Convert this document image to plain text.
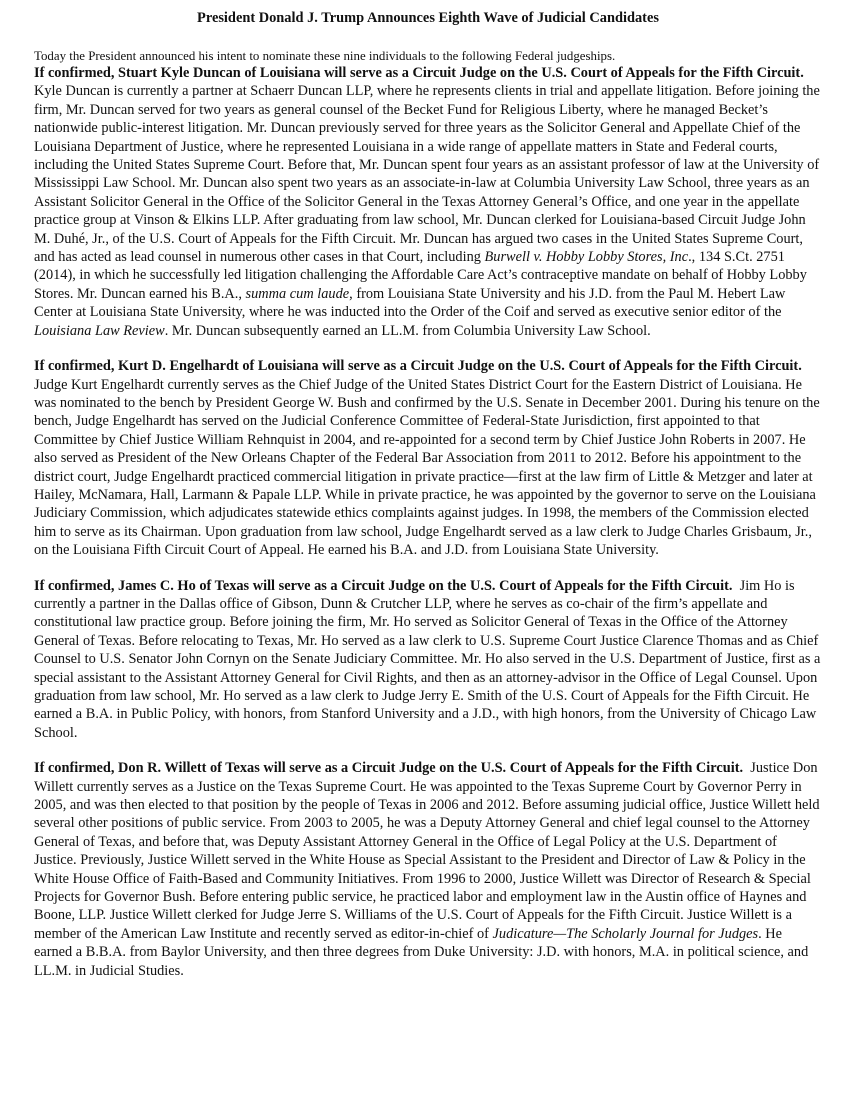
President Donald J. Trump Announces Eighth Wave of Judicial Candidates

Today the President announced his intent to nominate these nine individuals to the following Federal judgeships.

If confirmed, Stuart Kyle Duncan of Louisiana will serve as a Circuit Judge on the U.S. Court of Appeals for the Fifth Circuit.  Kyle Duncan is currently a partner at Schaerr Duncan LLP, where he represents clients in trial and appellate litigation. Before joining the firm, Mr. Duncan served for two years as general counsel of the Becket Fund for Religious Liberty, where he managed Becket’s nationwide public-interest litigation. Mr. Duncan previously served for three years as the Solicitor General and Appellate Chief of the Louisiana Department of Justice, where he represented Louisiana in a wide range of appellate matters in State and Federal courts, including the United States Supreme Court. Before that, Mr. Duncan spent four years as an assistant professor of law at the University of Mississippi Law School. Mr. Duncan also spent two years as an associate-in-law at Columbia University Law School, three years as an Assistant Solicitor General in the Office of the Solicitor General in the Texas Attorney General’s Office, and one year in the appellate practice group at Vinson & Elkins LLP. After graduating from law school, Mr. Duncan clerked for Louisiana-based Circuit Judge John M. Duhé, Jr., of the U.S. Court of Appeals for the Fifth Circuit. Mr. Duncan has argued two cases in the United States Supreme Court, and has acted as lead counsel in numerous other cases in that Court, including Burwell v. Hobby Lobby Stores, Inc., 134 S.Ct. 2751 (2014), in which he successfully led litigation challenging the Affordable Care Act’s contraceptive mandate on behalf of Hobby Lobby Stores. Mr. Duncan earned his B.A., summa cum laude, from Louisiana State University and his J.D. from the Paul M. Hebert Law Center at Louisiana State University, where he was inducted into the Order of the Coif and served as executive senior editor of the Louisiana Law Review. Mr. Duncan subsequently earned an LL.M. from Columbia University Law School.

If confirmed, Kurt D. Engelhardt of Louisiana will serve as a Circuit Judge on the U.S. Court of Appeals for the Fifth Circuit.  Judge Kurt Engelhardt currently serves as the Chief Judge of the United States District Court for the Eastern District of Louisiana. He was nominated to the bench by President George W. Bush and confirmed by the U.S. Senate in December 2001. During his tenure on the bench, Judge Engelhardt has served on the Judicial Conference Committee of Federal-State Jurisdiction, first appointed to that Committee by Chief Justice William Rehnquist in 2004, and re-appointed for a second term by Chief Justice John Roberts in 2007. He also served as President of the New Orleans Chapter of the Federal Bar Association from 2011 to 2012. Before his appointment to the district court, Judge Engelhardt practiced commercial litigation in private practice—first at the law firm of Little & Metzger and later at Hailey, McNamara, Hall, Larmann & Papale LLP. While in private practice, he was appointed by the governor to serve on the Louisiana Judiciary Commission, which adjudicates statewide ethics complaints against judges. In 1998, the members of the Commission elected him to serve as its Chairman. Upon graduation from law school, Judge Engelhardt served as a law clerk to Judge Charles Grisbaum, Jr., on the Louisiana Fifth Circuit Court of Appeal. He earned his B.A. and J.D. from Louisiana State University.

If confirmed, James C. Ho of Texas will serve as a Circuit Judge on the U.S. Court of Appeals for the Fifth Circuit. Jim Ho is currently a partner in the Dallas office of Gibson, Dunn & Crutcher LLP, where he serves as co-chair of the firm’s appellate and constitutional law practice group. Before joining the firm, Mr. Ho served as Solicitor General of Texas in the Office of the Attorney General of Texas. Before relocating to Texas, Mr. Ho served as a law clerk to U.S. Supreme Court Justice Clarence Thomas and as Chief Counsel to U.S. Senator John Cornyn on the Senate Judiciary Committee. Mr. Ho also served in the U.S. Department of Justice, first as a special assistant to the Assistant Attorney General for Civil Rights, and then as an attorney-advisor in the Office of Legal Counsel. Upon graduation from law school, Mr. Ho served as a law clerk to Judge Jerry E. Smith of the U.S. Court of Appeals for the Fifth Circuit. He earned a B.A. in Public Policy, with honors, from Stanford University and a J.D., with high honors, from the University of Chicago Law School.

If confirmed, Don R. Willett of Texas will serve as a Circuit Judge on the U.S. Court of Appeals for the Fifth Circuit. Justice Don Willett currently serves as a Justice on the Texas Supreme Court. He was appointed to the Texas Supreme Court by Governor Perry in 2005, and was then elected to that position by the people of Texas in 2006 and 2012. Before assuming judicial office, Justice Willett held several other positions of public service. From 2003 to 2005, he was a Deputy Attorney General and chief legal counsel to the Attorney General of Texas, and before that, was Deputy Assistant Attorney General in the Office of Legal Policy at the U.S. Department of Justice. Previously, Justice Willett served in the White House as Special Assistant to the President and Director of Law & Policy in the White House Office of Faith-Based and Community Initiatives. From 1996 to 2000, Justice Willett was Director of Research & Special Projects for Governor Bush. Before entering public service, he practiced labor and employment law in the Austin office of Haynes and Boone, LLP. Justice Willett clerked for Judge Jerre S. Williams of the U.S. Court of Appeals for the Fifth Circuit. Justice Willett is a member of the American Law Institute and recently served as editor-in-chief of Judicature—The Scholarly Journal for Judges. He earned a B.B.A. from Baylor University, and then three degrees from Duke University: J.D. with honors, M.A. in political science, and LL.M. in Judicial Studies.
